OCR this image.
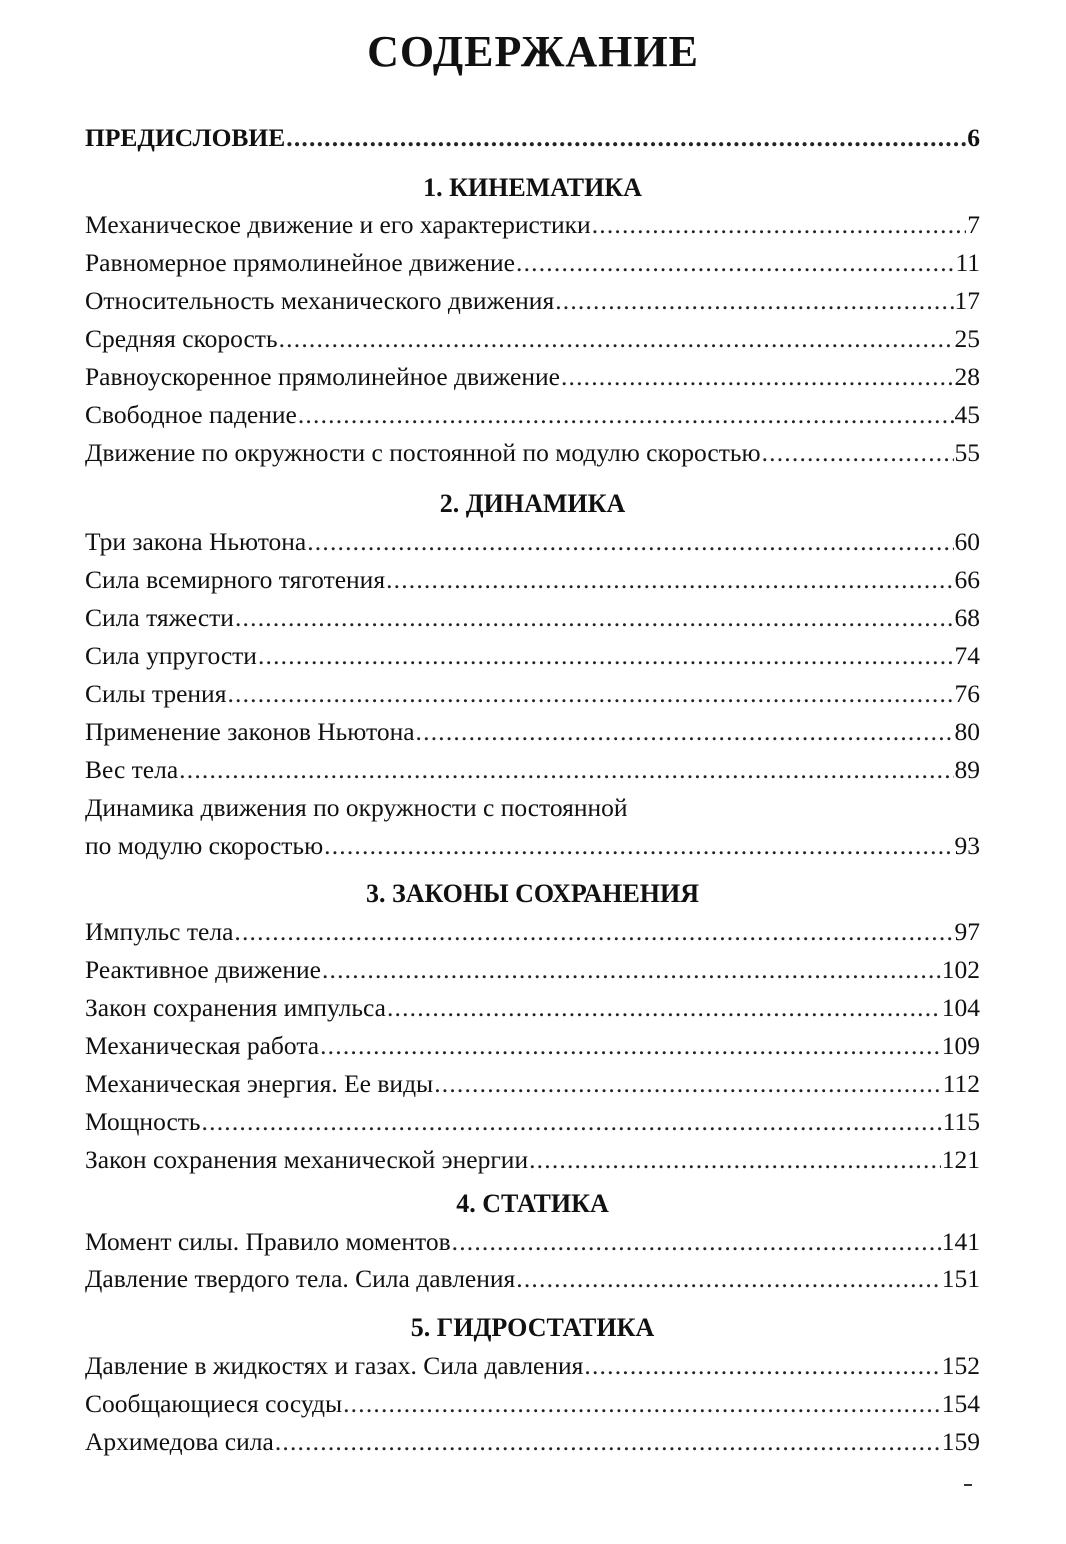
СОДЕРЖАНИЕ
ПРЕДИСЛОВИЕ .....	6
1. КИНЕМАТИКА
Механическое движение и его характеристики .....	7
Равномерное прямолинейное движение .....	11
Относительность механического движения .....	17
Средняя скорость .....	25
Равноускоренное прямолинейное движение .....	28
Свободное падение .....	45
Движение по окружности с постоянной по модулю скоростью .....	55
2. ДИНАМИКА
Три закона Ньютона .....	60
Сила всемирного тяготения .....	66
Сила тяжести .....	68
Сила упругости .....	74
Силы трения .....	76
Применение законов Ньютона .....	80
Вес тела .....	89
Динамика движения по окружности с постоянной
по модулю скоростью .....	93
3. ЗАКОНЫ СОХРАНЕНИЯ
Импульс тела .....	97
Реактивное движение .....	102
Закон сохранения импульса .....	104
Механическая работа .....	109
Механическая энергия. Ее виды .....	112
Мощность .....	115
Закон сохранения механической энергии .....	121
4. СТАТИКА
Момент силы. Правило моментов .....	141
Давление твердого тела. Сила давления .....	151
5. ГИДРОСТАТИКА
Давление в жидкостях и газах. Сила давления .....	152
Сообщающиеся сосуды .....	154
Архимедова сила .....	159
